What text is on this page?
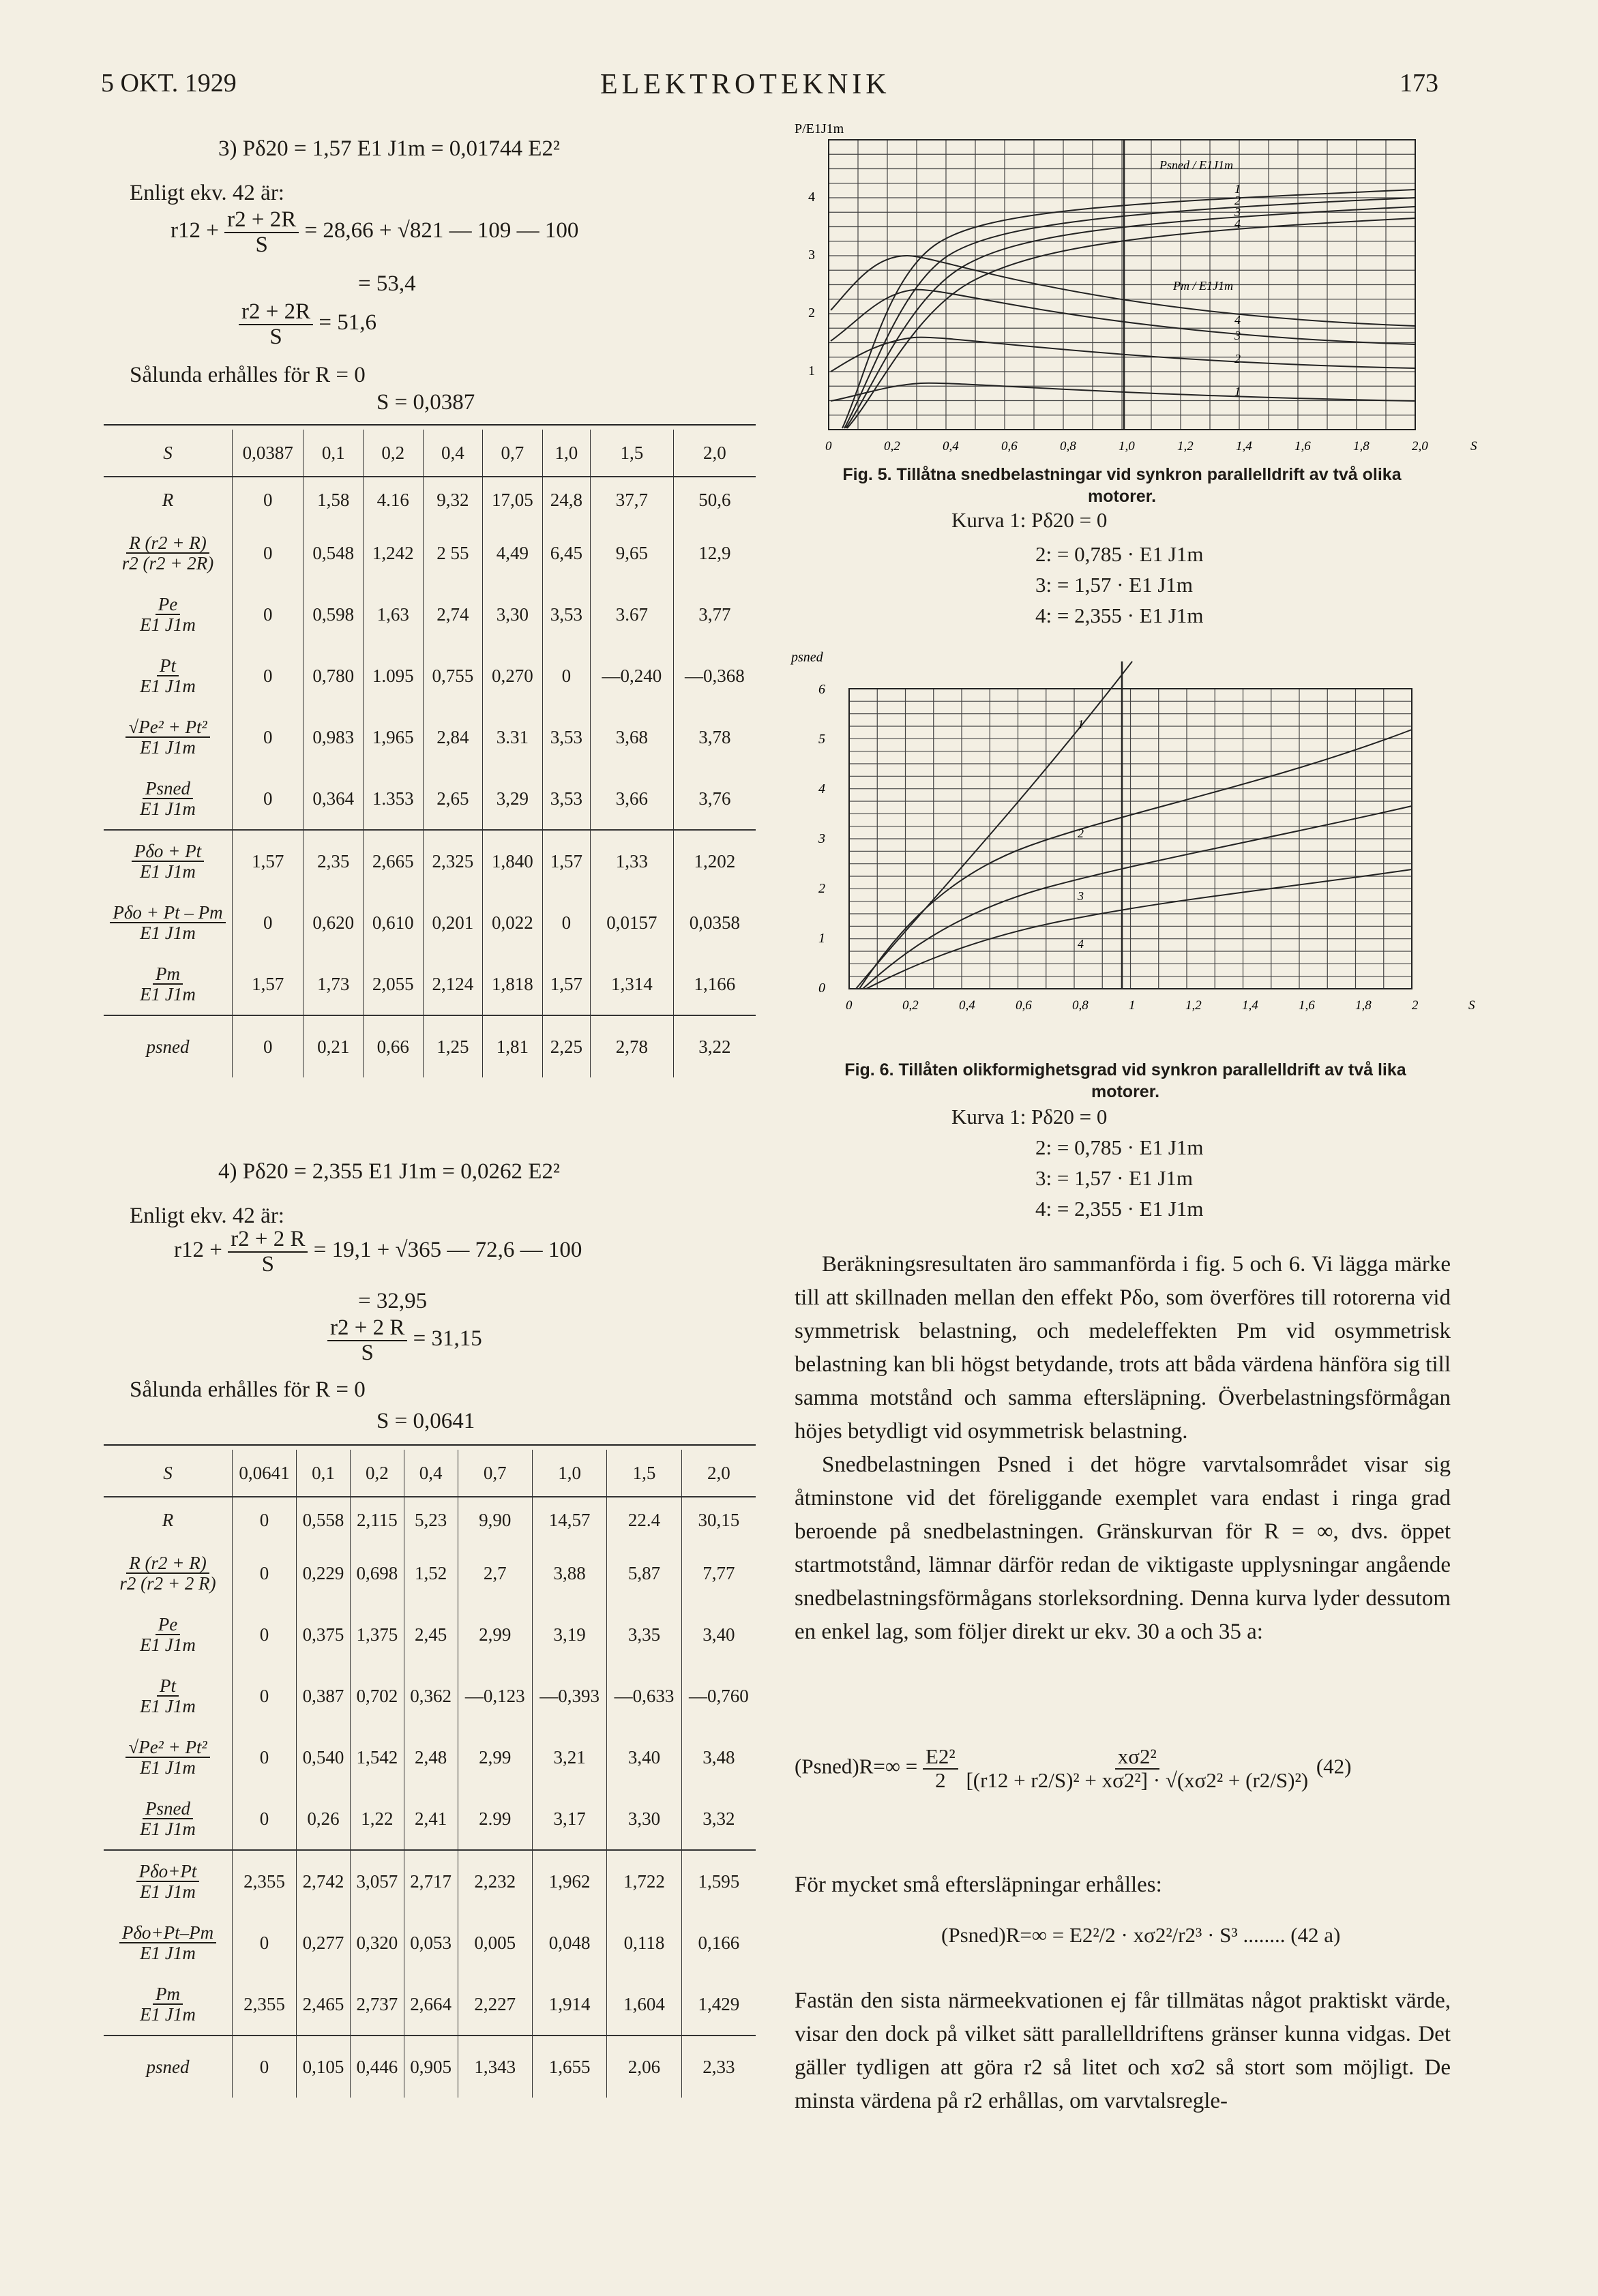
5 OKT. 1929	ELEKTROTEKNIK	173
3) Pδ20 = 1,57 E1 J1m = 0,01744 E2²
Enligt ekv. 42 är:
$r12 + \frac{r2 + 2R}{S} = 28,66 + √821$ — 109 — 100
= 53,4
$\frac{r2 + 2R}{S} = 51,6$
Sålunda erhålles för R = 0
S = 0,0387
S	0,0387	0,1	0,2	0,4	0,7	1,0	1,5	2,0
R	0	1,58	4.16	9,32	17,05	24,8	37,7	50,6

$\frac{R (r2 + R)}{r2 (r2 + 2R)}$	0	0,548	1,242	2 55	4,49	6,45	9,65	12,9

$\frac{Pe}{E1 J1m}$	0	0,598	1,63	2,74	3,30	3,53	3.67	3,77

$\frac{Pt}{E1 J1m}$	0	0,780	1.095	0,755	0,270	0	—0,240	—0,368

$\frac{\text{√Pe² + Pt²}}{E1 J1m}$	0	0,983	1,965	2,84	3.31	3,53	3,68	3,78

$\frac{\text{Psned}}{E1 J1m}$	0	0,364	1.353	2,65	3,29	3,53	3,66	3,76

$\frac{\text{Pδo + Pt}}{E1 J1m}$	1,57	2,35	2,665	2,325	1,840	1,57	1,33	1,202

$\frac{\text{Pδo + Pt – Pm}}{E1 J1m}$	0	0,620	0,610	0,201	0,022	0	0,0157	0,0358

$\frac{Pm}{E1 J1m}$	1,57	1,73	2,055	2,124	1,818	1,57	1,314	1,166
psned	0	0,21	0,66	1,25	1,81	2,25	2,78	3,22
4) Pδ20 = 2,355 E1 J1m = 0,0262 E2²
Enligt ekv. 42 är:
$r12 + \frac{r2 + 2 R}{S} = 19,1 + √365$ — 72,6 — 100
= 32,95
$\frac{r2 + 2 R}{S} = 31,15$
Sålunda erhålles för R = 0
S = 0,0641
S	0,0641	0,1	0,2	0,4	0,7	1,0	1,5	2,0
R	0	0,558	2,115	5,23	9,90	14,57	22.4	30,15

$\frac{R (r2 + R)}{r2 (r2 + 2 R)}$	0	0,229	0,698	1,52	2,7	3,88	5,87	7,77

$\frac{Pe}{E1 J1m}$	0	0,375	1,375	2,45	2,99	3,19	3,35	3,40

$\frac{Pt}{E1 J1m}$	0	0,387	0,702	0,362	—0,123	—0,393	—0,633	—0,760

$\frac{\text{√Pe² + Pt²}}{E1 J1m}$	0	0,540	1,542	2,48	2,99	3,21	3,40	3,48

$\frac{\text{Psned}}{E1 J1m}$	0	0,26	1,22	2,41	2.99	3,17	3,30	3,32

$\frac{\text{Pδo+Pt}}{E1 J1m}$	2,355	2,742	3,057	2,717	2,232	1,962	1,722	1,595

$\frac{\text{Pδo+Pt–Pm}}{E1 J1m}$	0	0,277	0,320	0,053	0,005	0,048	0,118	0,166

$\frac{Pm}{E1 J1m}$	2,355	2,465	2,737	2,664	2,227	1,914	1,604	1,429
psned	0	0,105	0,446	0,905	1,343	1,655	2,06	2,33
P/E1J1m
1
2
3
4
0	0,2	0,4	0,6	0,8	1,0	1,2	1,4	1,6	1,8	2,0	S
Psned / E1J1m
Pm / E1J1m
1
2
3
4
4
3
2
1
Fig. 5. Tillåtna snedbelastningar vid synkron parallelldrift av två olika motorer.
Kurva 1: Pδ20 = 0
2: = 0,785 · E1 J1m
3: = 1,57 · E1 J1m
4: = 2,355 · E1 J1m
psned
0
1
2
3
4
5
6
0	0,2	0,4	0,6	0,8	1	1,2	1,4	1,6	1,8	2	S
1
2
3
4
Fig. 6. Tillåten olikformighetsgrad vid synkron parallelldrift av två lika motorer.
Kurva 1: Pδ20 = 0
2: = 0,785 · E1 J1m
3: = 1,57 · E1 J1m
4: = 2,355 · E1 J1m

Beräkningsresultaten äro sammanförda i fig. 5 och 6. Vi lägga märke till att skillnaden mellan den effekt Pδo, som överföres till rotorerna vid symmetrisk belastning, och medeleffekten Pm vid osymmetrisk belastning kan bli högst betydande, trots att båda värdena hänföra sig till samma motstånd och samma eftersläpning. Överbelastningsförmågan höjes betydligt vid osymmetrisk belastning.

Snedbelastningen Psned i det högre varvtalsområdet visar sig åtminstone vid det föreliggande exemplet vara endast i ringa grad beroende på snedbelastningen. Gränskurvan för R = ∞, dvs. öppet startmotstånd, lämnar därför redan de viktigaste upplysningar angående snedbelastningsförmågans storleksordning. Denna kurva lyder dessutom en enkel lag, som följer direkt ur ekv. 30 a och 35 a:

(Psned)R=∞ = $\frac{\text{E2²}}{2}$
$\frac{\text{xσ2²}}{\text{[(r12 + r2/S)² + xσ2²] · √(xσ2² + (r2/S)²)}} (42)$

För mycket små eftersläpningar erhålles:

(Psned)R=∞ = E2²/2 · xσ2²/r2³ · S³ ........ (42 a)

Fastän den sista närmeekvationen ej får tillmätas något praktiskt värde, visar den dock på vilket sätt parallelldriftens gränser kunna vidgas. Det gäller tydligen att göra r2 så litet och xσ2 så stort som möjligt. De minsta värdena på r2 erhållas, om varvtalsregle-
